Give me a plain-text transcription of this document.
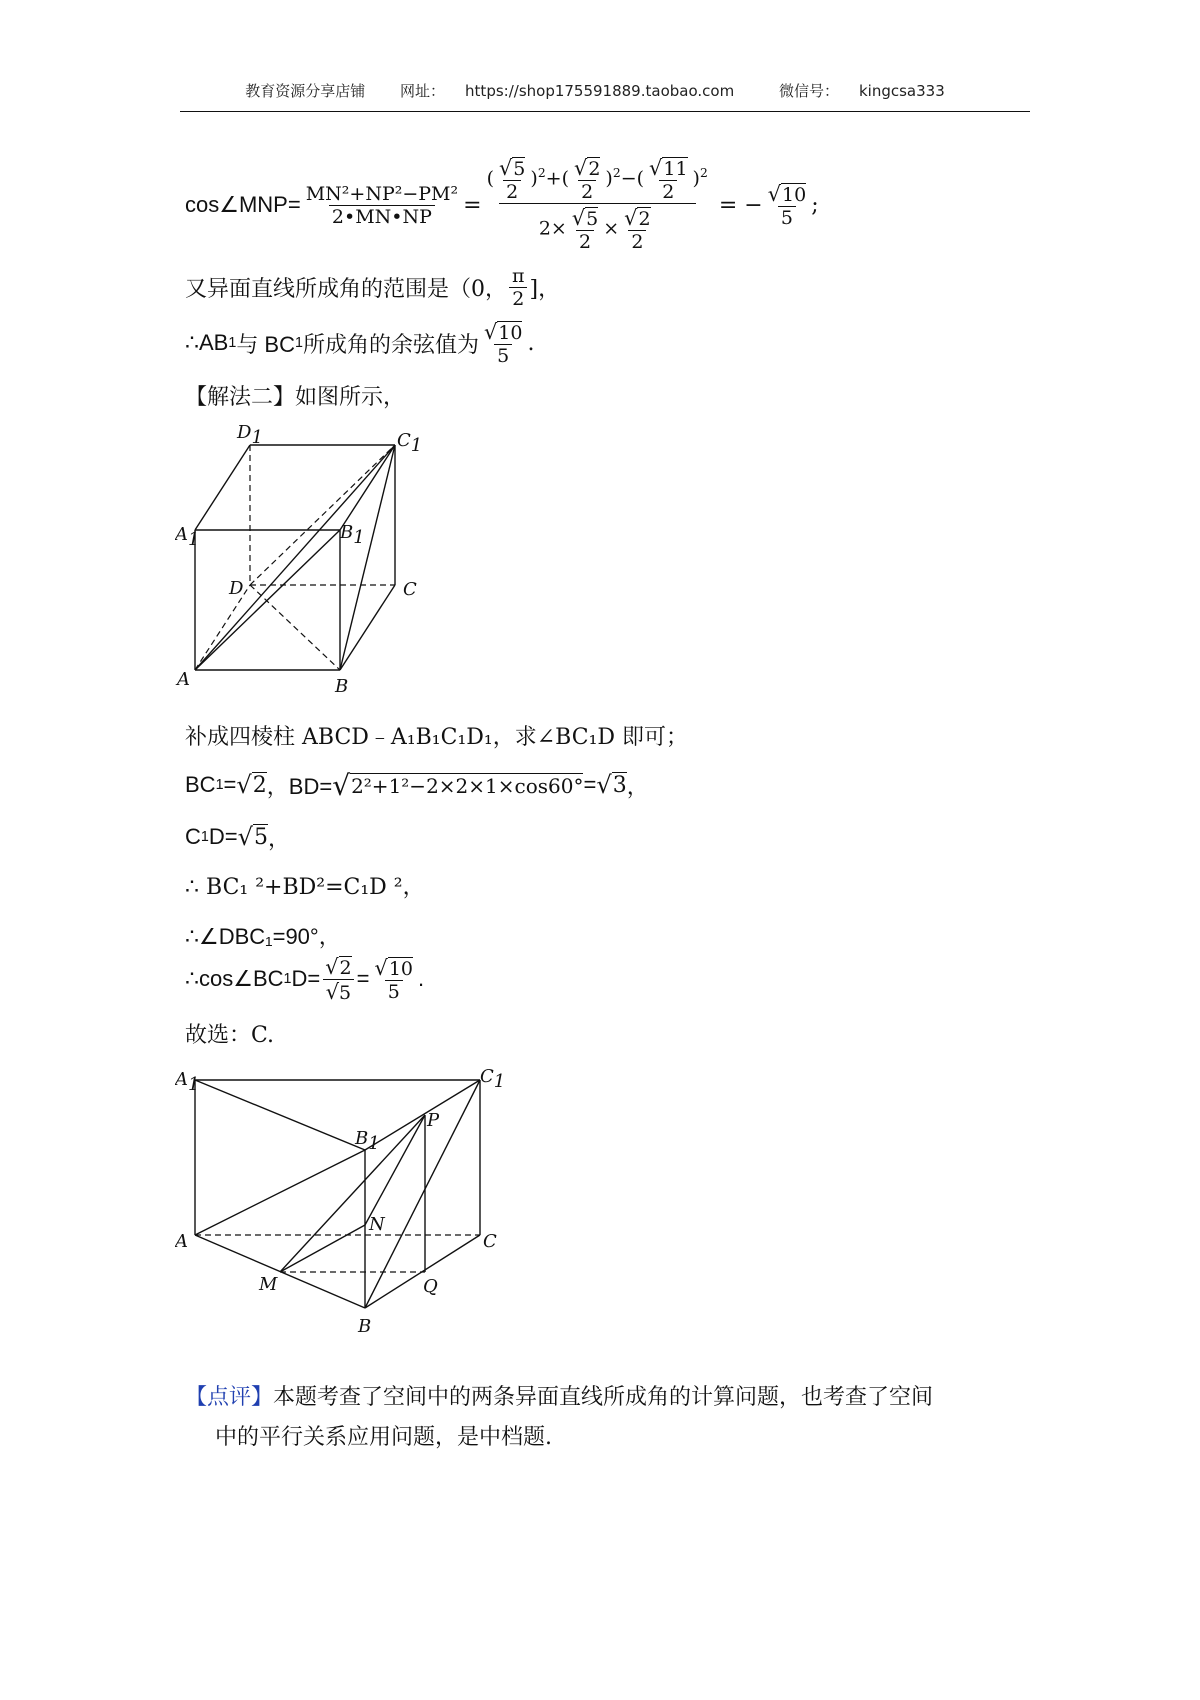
教育资源分享店铺 网址： https://shop175591889.taobao.com	微信号： kingcsa333
cos∠MNP= $\frac{\text{MN²+NP²−PM²}}{2•MN•NP} = \frac{( \frac{√5}{2} )^2+( \frac{√2}{2} )^2-( \frac{√11}{2} )^2}{2\times \frac{√5}{2} \times \frac{√2}{2}}$ = − $\frac{√10}{5}$ ;
又异面直线所成角的范围是（0， $\frac{\pi}{2}$ ]，
∴AB 1 与 BC 1 所成角的余弦值为 $\frac{√10}{5}$ .
【解法二】如图所示，
A	B
C
D
A1	B1
C1
D1
补成四棱柱 ABCD﹣A₁B₁C₁D₁，求∠BC₁D 即可；
BC 1 = √ 2 ，BD= √ 2²+1²−2×2×1×cos60° = √ 3 ，
C 1 D= √ 5 ，
∴ BC₁ ²+BD²=C₁D ²，
∴∠DBC₁=90°，
∴cos∠BC 1 $D= \frac{√2}{√5} = \frac{√10}{5}$ .
故选：C.
A1	C1
B1
P
N
A	C
M	Q
B
【点评】本题考查了空间中的两条异面直线所成角的计算问题，也考查了空间
中的平行关系应用问题，是中档题.
